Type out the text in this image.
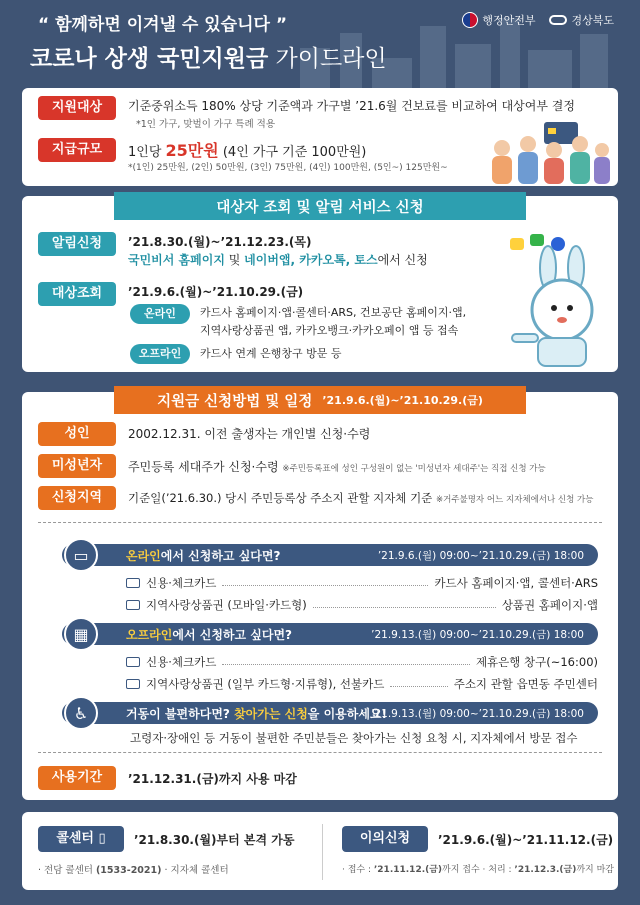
“ 함께하면 이겨낼 수 있습니다 ”
코로나 상생 국민지원금 가이드라인
행정안전부	경상북도
지원대상	기준중위소득 180% 상당 기준액과 가구별 ’21.6월 건보료를 비교하여 대상여부 결정
*1인 가구, 맞벌이 가구 특례 적용
지급규모	1인당 25만원 (4인 가구 기준 100만원)
*(1인) 25만원, (2인) 50만원, (3인) 75만원, (4인) 100만원, (5인~) 125만원~
대상자 조회 및 알림 서비스 신청
알림신청	’21.8.30.(월)~’21.12.23.(목)
국민비서 홈페이지 및 네이버앱, 카카오톡, 토스에서 신청
대상조회	’21.9.6.(월)~’21.10.29.(금)
온라인	카드사 홈페이지·앱·콜센터·ARS, 건보공단 홈페이지·앱,
지역사랑상품권 앱, 카카오뱅크·카카오페이 앱 등 접속
오프라인	카드사 연계 은행창구 방문 등
지원금 신청방법 및 일정 ’21.9.6.(월)~’21.10.29.(금)
성인	2002.12.31. 이전 출생자는 개인별 신청·수령
미성년자	주민등록 세대주가 신청·수령 ※주민등록표에 성인 구성원이 없는 '미성년자 세대주'는 직접 신청 가능
신청지역	기준일(’21.6.30.) 당시 주민등록상 주소지 관할 지자체 기준 ※거주불명자 어느 지자체에서나 신청 가능
온라인에서 신청하고 싶다면?	’21.9.6.(월) 09:00~’21.10.29.(금) 18:00
▭
신용·체크카드	카드사 홈페이지·앱, 콜센터·ARS
지역사랑상품권 (모바일·카드형)	상품권 홈페이지·앱
오프라인에서 신청하고 싶다면?	’21.9.13.(월) 09:00~’21.10.29.(금) 18:00
▦
신용·체크카드	제휴은행 창구(~16:00)
지역사랑상품권 (일부 카드형·지류형), 선불카드	주소지 관할 읍면동 주민센터
거동이 불편하다면? 찾아가는 신청을 이용하세요!
’21.9.13.(월) 09:00~’21.10.29.(금) 18:00
♿
고령자·장애인 등 거동이 불편한 주민분들은 찾아가는 신청 요청 시, 지자체에서 방문 접수
사용기간	’21.12.31.(금)까지 사용 마감
콜센터 ▯	’21.8.30.(월)부터 본격 가동
· 전담 콜센터 (1533-2021) · 지자체 콜센터
이의신청	’21.9.6.(월)~’21.11.12.(금)
· 접수 : ’21.11.12.(금)까지 접수 · 처리 : ’21.12.3.(금)까지 마감
